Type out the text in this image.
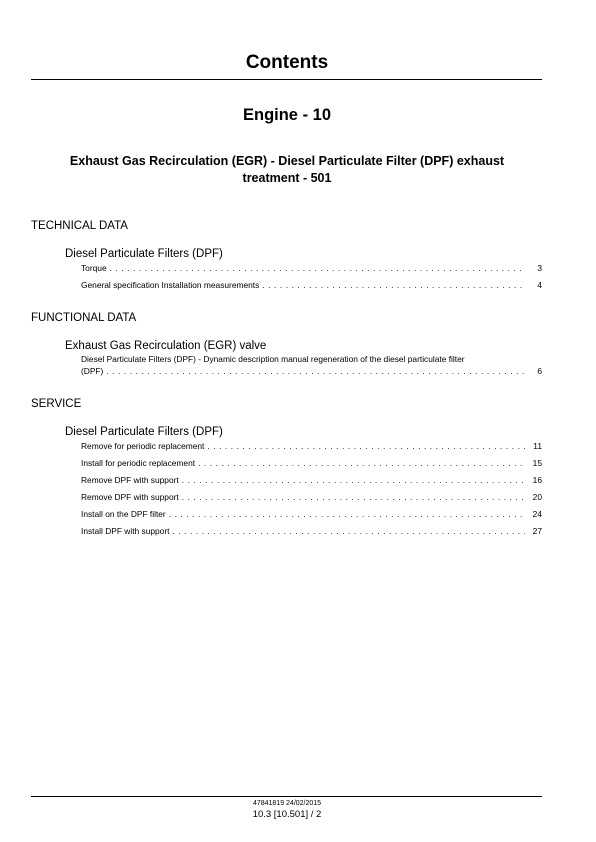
Contents
Engine - 10
Exhaust Gas Recirculation (EGR) - Diesel Particulate Filter (DPF) exhaust treatment - 501
TECHNICAL DATA
Diesel Particulate Filters (DPF)
Torque . . .	3
General specification Installation measurements . . .	4
FUNCTIONAL DATA
Exhaust Gas Recirculation (EGR) valve
Diesel Particulate Filters (DPF) - Dynamic description manual regeneration of the diesel particulate filter
(DPF) . . .	6
SERVICE
Diesel Particulate Filters (DPF)
Remove for periodic replacement . . .	11
Install for periodic replacement . . .	15
Remove DPF with support . . .	16
Remove DPF with support . . .	20
Install on the DPF filter . . .	24
Install DPF with support . . .	27
47841819 24/02/2015
10.3 [10.501] / 2
